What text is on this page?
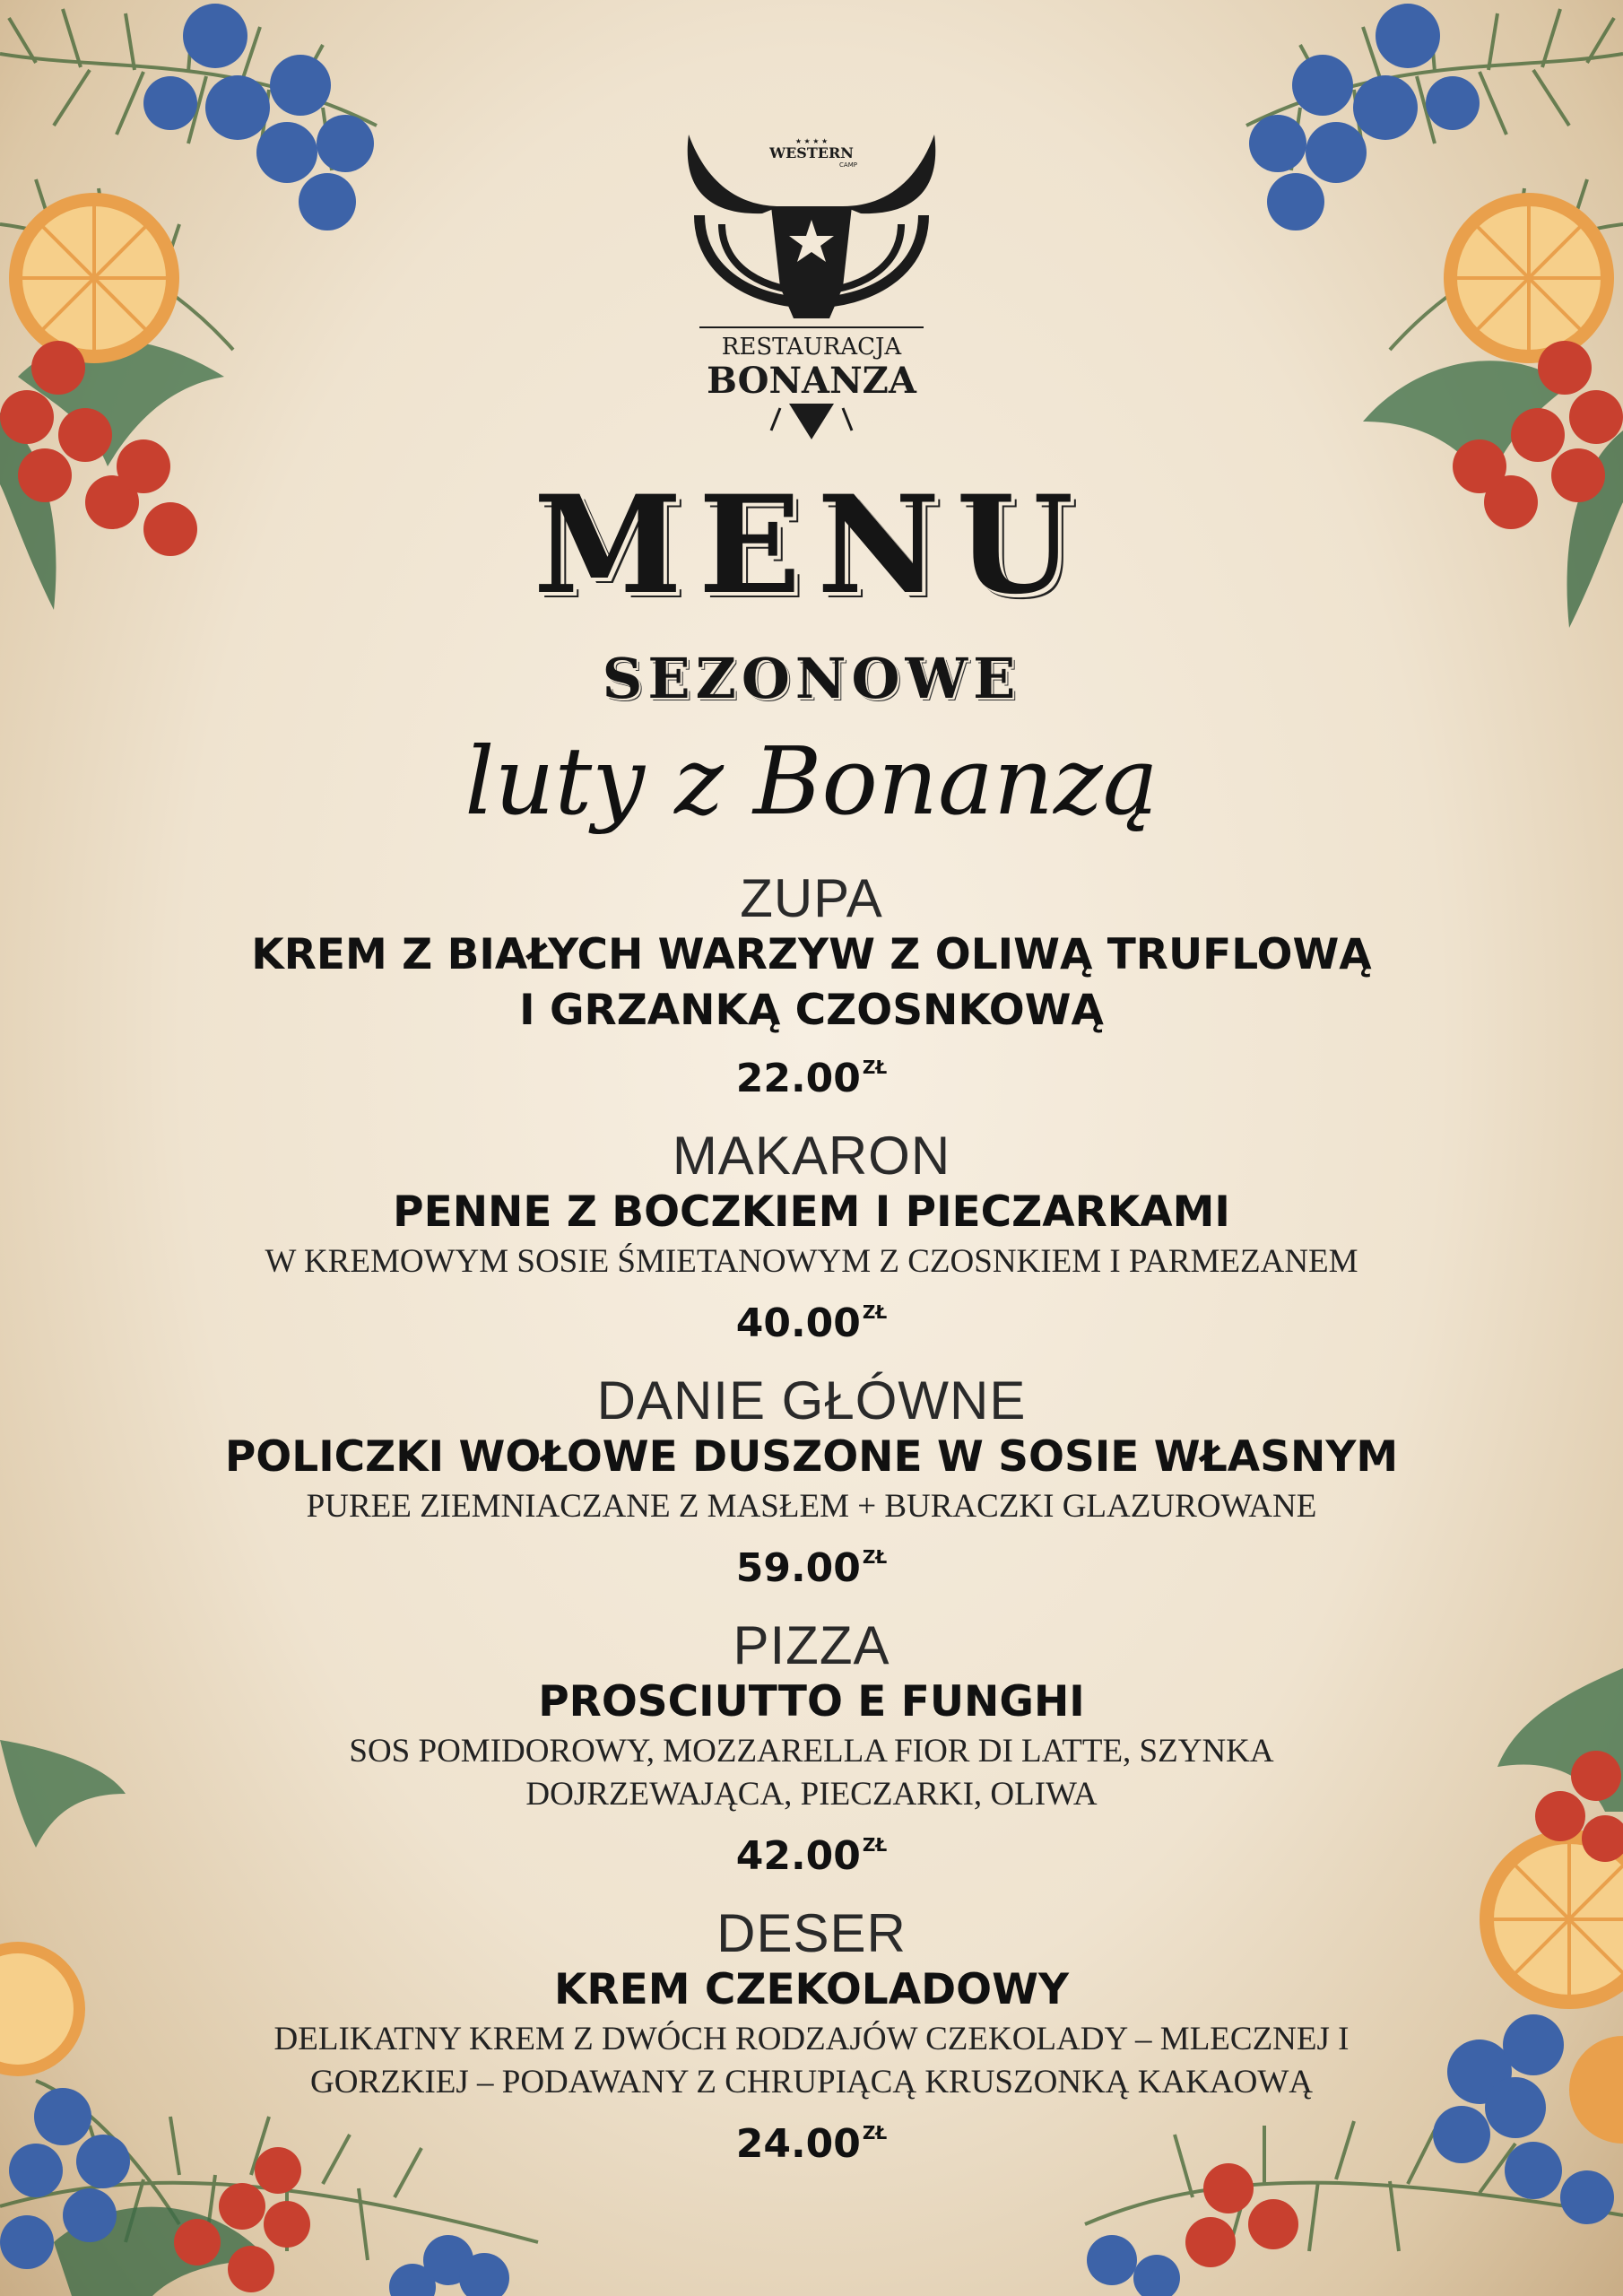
★ ★ ★ ★
WESTERN
CAMP
RESTAURACJA
BONANZA
MENU
SEZONOWE
luty z Bonanzą
ZUPA
KREM Z BIAŁYCH WARZYW Z OLIWĄ TRUFLOWĄ
I GRZANKĄ CZOSNKOWĄ
22.00 $^{ZŁ}$
MAKARON
PENNE Z BOCZKIEM I PIECZARKAMI
W KREMOWYM SOSIE ŚMIETANOWYM Z CZOSNKIEM I PARMEZANEM
40.00 $^{ZŁ}$
DANIE GŁÓWNE
POLICZKI WOŁOWE DUSZONE W SOSIE WŁASNYM
PUREE ZIEMNIACZANE Z MASŁEM + BURACZKI GLAZUROWANE
59.00 $^{ZŁ}$
PIZZA
PROSCIUTTO E FUNGHI
SOS POMIDOROWY, MOZZARELLA FIOR DI LATTE, SZYNKA
DOJRZEWAJĄCA, PIECZARKI, OLIWA
42.00 $^{ZŁ}$
DESER
KREM CZEKOLADOWY
DELIKATNY KREM Z DWÓCH RODZAJÓW CZEKOLADY – MLECZNEJ I
GORZKIEJ – PODAWANY Z CHRUPIĄCĄ KRUSZONKĄ KAKAOWĄ
24.00 $^{ZŁ}$
